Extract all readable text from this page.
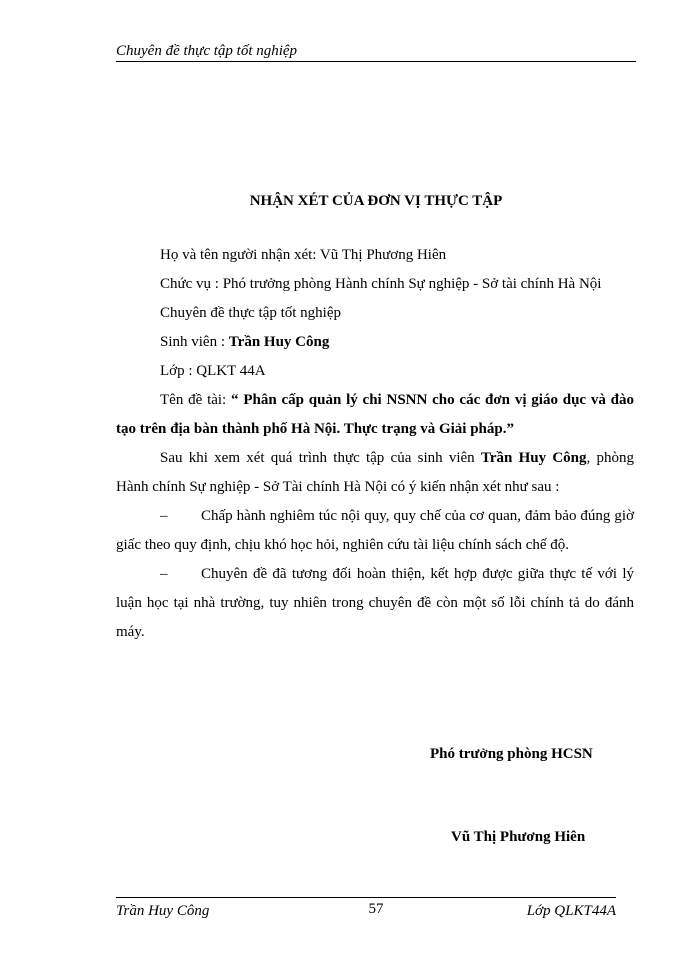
Chuyên đề thực tập tốt nghiệp
NHẬN XÉT CỦA ĐƠN VỊ THỰC TẬP

Họ và tên người nhận xét: Vũ Thị Phương Hiên

Chức vụ : Phó trưởng phòng Hành chính Sự nghiệp - Sở tài chính Hà Nội

Chuyên đề thực tập tốt nghiệp

Sinh viên : Trần Huy Công

Lớp : QLKT 44A

Tên đề tài: “ Phân cấp quản lý chi NSNN cho các đơn vị giáo dục và đào tạo trên địa bàn thành phố Hà Nội. Thực trạng và Giải pháp.”

Sau khi xem xét quá trình thực tập của sinh viên Trần Huy Công, phòng Hành chính Sự nghiệp - Sở Tài chính Hà Nội có ý kiến nhận xét như sau :

– Chấp hành nghiêm túc nội quy, quy chế của cơ quan, đảm bảo đúng giờ giấc theo quy định, chịu khó học hỏi, nghiên cứu tài liệu chính sách chế độ.

– Chuyên đề đã tương đối hoàn thiện, kết hợp được giữa thực tế với lý luận học tại nhà trường, tuy nhiên trong chuyên đề còn một số lỗi chính tả do đánh máy.

Phó trưởng phòng HCSN
Vũ Thị Phương Hiên
Trần Huy Công	57	Lớp QLKT44A
